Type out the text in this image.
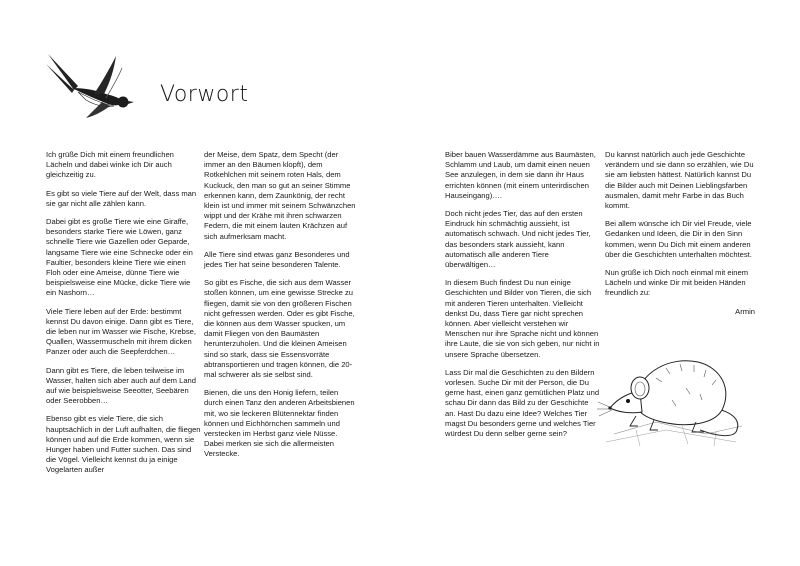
Vorwort

Ich grüße Dich mit einem freundlichen Lächeln und dabei winke ich Dir auch gleichzeitig zu.

Es gibt so viele Tiere auf der Welt, dass man sie gar nicht alle zählen kann.

Dabei gibt es große Tiere wie eine Giraffe, besonders starke Tiere wie Löwen, ganz schnelle Tiere wie Gazellen oder Geparde, langsame Tiere wie eine Schnecke oder ein Faultier, besonders kleine Tiere wie einen Floh oder eine Ameise, dünne Tiere wie beispielsweise eine Mücke, dicke Tiere wie ein Nashorn…

Viele Tiere leben auf der Erde: bestimmt kennst Du davon einige. Dann gibt es Tiere, die leben nur im Wasser wie Fische, Krebse, Quallen, Wassermuscheln mit ihrem dicken Panzer oder auch die Seepferdchen…

Dann gibt es Tiere, die leben teilweise im Wasser, halten sich aber auch auf dem Land auf wie beispielsweise Seeotter, Seebären oder Seerobben…

Ebenso gibt es viele Tiere, die sich hauptsächlich in der Luft aufhalten, die fliegen können und auf die Erde kommen, wenn sie Hunger haben und Futter suchen. Das sind die Vögel. Vielleicht kennst du ja einige Vogelarten außer

der Meise, dem Spatz, dem Specht (der immer an den Bäumen klopft), dem Rotkehlchen mit seinem roten Hals, dem Kuckuck, den man so gut an seiner Stimme erkennen kann, dem Zaunkönig, der recht klein ist und immer mit seinem Schwänzchen wippt und der Krähe mit ihren schwarzen Federn, die mit einem lauten Krächzen auf sich aufmerksam macht.

Alle Tiere sind etwas ganz Besonderes und jedes Tier hat seine besonderen Talente.

So gibt es Fische, die sich aus dem Wasser stoßen können, um eine gewisse Strecke zu fliegen, damit sie von den größeren Fischen nicht gefressen werden. Oder es gibt Fische, die können aus dem Wasser spucken, um damit Fliegen von den Baumästen herunterzuholen. Und die kleinen Ameisen sind so stark, dass sie Essensvorräte abtransportieren und tragen können, die 20-mal schwerer als sie selbst sind.

Bienen, die uns den Honig liefern, teilen durch einen Tanz den anderen Arbeitsbienen mit, wo sie leckeren Blütennektar finden können und Eichhörnchen sammeln und verstecken im Herbst ganz viele Nüsse. Dabei merken sie sich die allermeisten Verstecke.

Biber bauen Wasserdämme aus Baumästen, Schlamm und Laub, um damit einen neuen See anzulegen, in dem sie dann ihr Haus errichten können (mit einem unterirdischen Hauseingang)….

Doch nicht jedes Tier, das auf den ersten Eindruck hin schmächtig aussieht, ist automatisch schwach. Und nicht jedes Tier, das besonders stark aussieht, kann automatisch alle anderen Tiere überwältigen…

In diesem Buch findest Du nun einige Geschichten und Bilder von Tieren, die sich mit anderen Tieren unterhalten. Vielleicht denkst Du, dass Tiere gar nicht sprechen können. Aber vielleicht verstehen wir Menschen nur ihre Sprache nicht und können ihre Laute, die sie von sich geben, nur nicht in unsere Sprache übersetzen.

Lass Dir mal die Geschichten zu den Bildern vorlesen. Suche Dir mit der Person, die Du gerne hast, einen ganz gemütlichen Platz und schau Dir dann das Bild zu der Geschichte an. Hast Du dazu eine Idee? Welches Tier magst Du besonders gerne und welches Tier würdest Du denn selber gerne sein?

Du kannst natürlich auch jede Geschichte verändern und sie dann so erzählen, wie Du sie am liebsten hättest. Natürlich kannst Du die Bilder auch mit Deinen Lieblingsfarben ausmalen, damit mehr Farbe in das Buch kommt.

Bei allem wünsche ich Dir viel Freude, viele Gedanken und Ideen, die Dir in den Sinn kommen, wenn Du Dich mit einem anderen über die Geschichten unterhalten möchtest.

Nun grüße ich Dich noch einmal mit einem Lächeln und winke Dir mit beiden Händen freundlich zu:

Armin
